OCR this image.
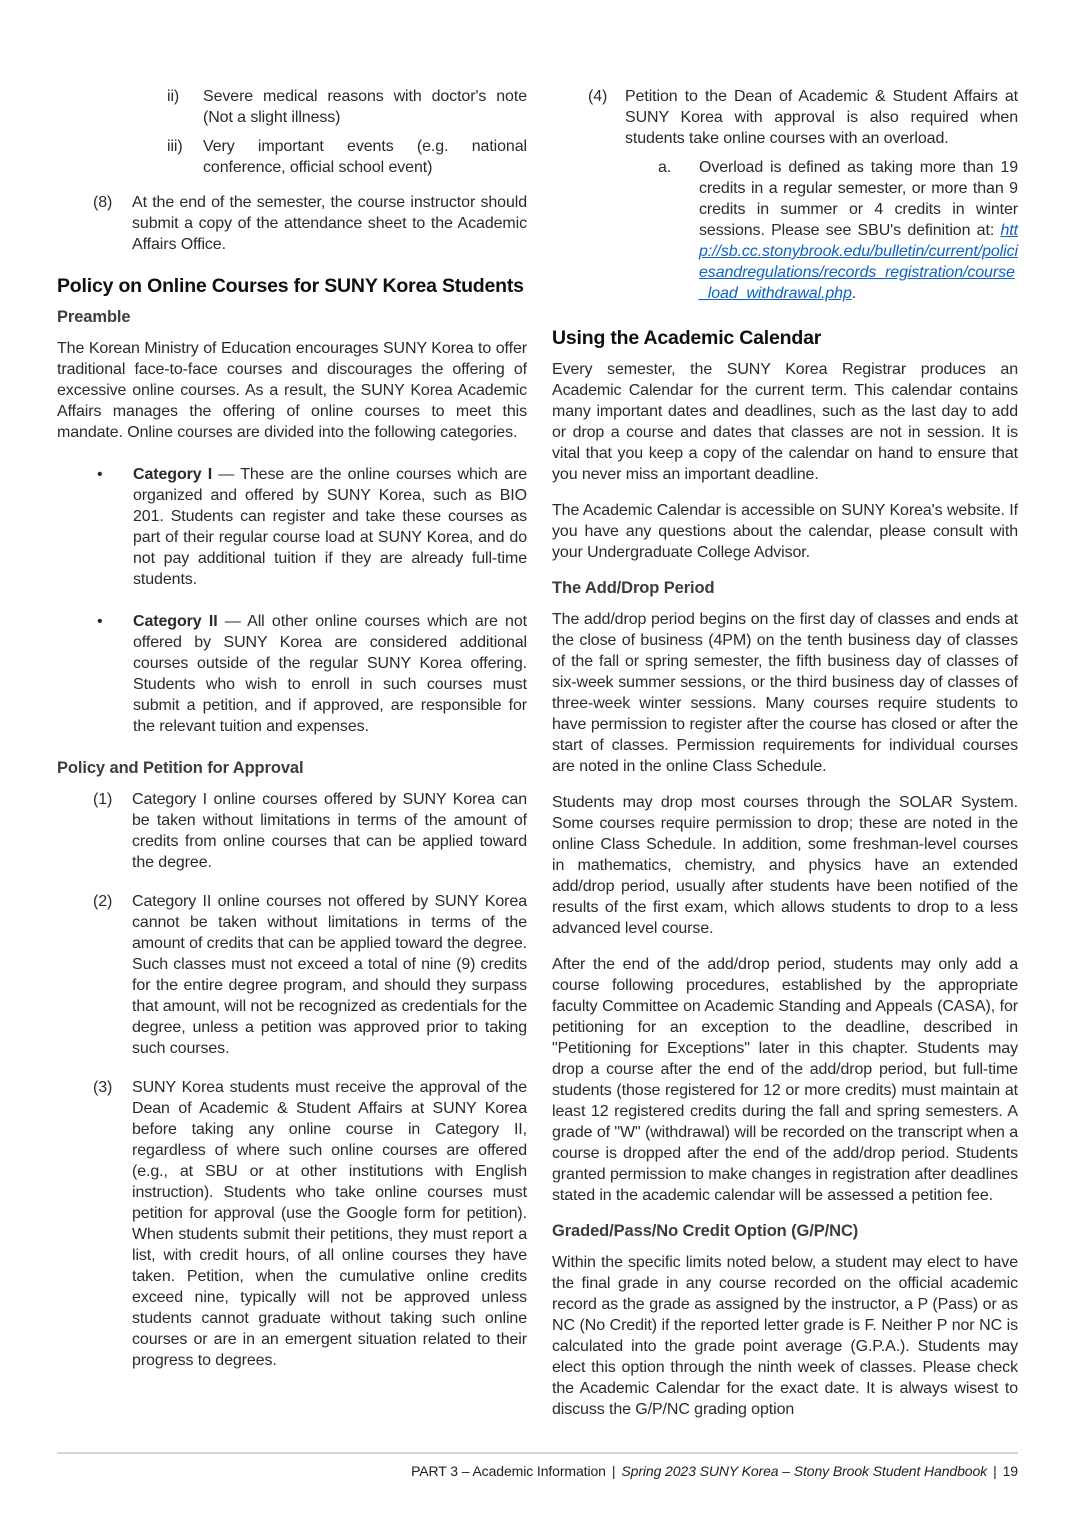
ii)	Severe medical reasons with doctor's note (Not a slight illness)
iii)	Very important events (e.g. national conference, official school event)
(8)	At the end of the semester, the course instructor should submit a copy of the attendance sheet to the Academic Affairs Office.
Policy on Online Courses for SUNY Korea Students
Preamble

The Korean Ministry of Education encourages SUNY Korea to offer traditional face-to-face courses and discourages the offering of excessive online courses. As a result, the SUNY Korea Academic Affairs manages the offering of online courses to meet this mandate. Online courses are divided into the following categories.

•	Category I — These are the online courses which are organized and offered by SUNY Korea, such as BIO 201. Students can register and take these courses as part of their regular course load at SUNY Korea, and do not pay additional tuition if they are already full-time students.
•	Category II — All other online courses which are not offered by SUNY Korea are considered additional courses outside of the regular SUNY Korea offering. Students who wish to enroll in such courses must submit a petition, and if approved, are responsible for the relevant tuition and expenses.
Policy and Petition for Approval
(1)	Category I online courses offered by SUNY Korea can be taken without limitations in terms of the amount of credits from online courses that can be applied toward the degree.
(2)	Category II online courses not offered by SUNY Korea cannot be taken without limitations in terms of the amount of credits that can be applied toward the degree. Such classes must not exceed a total of nine (9) credits for the entire degree program, and should they surpass that amount, will not be recognized as credentials for the degree, unless a petition was approved prior to taking such courses.
(3)	SUNY Korea students must receive the approval of the Dean of Academic & Student Affairs at SUNY Korea before taking any online course in Category II, regardless of where such online courses are offered (e.g., at SBU or at other institutions with English instruction). Students who take online courses must petition for approval (use the Google form for petition). When students submit their petitions, they must report a list, with credit hours, of all online courses they have taken. Petition, when the cumulative online credits exceed nine, typically will not be approved unless students cannot graduate without taking such online courses or are in an emergent situation related to their progress to degrees.
(4)	Petition to the Dean of Academic & Student Affairs at SUNY Korea with approval is also required when students take online courses with an overload.
a.	Overload is defined as taking more than 19 credits in a regular semester, or more than 9 credits in summer or 4 credits in winter sessions. Please see SBU's definition at: http://sb.cc.stonybrook.edu/bulletin/current/policiesandregulations/records_registration/course_load_withdrawal.php.
Using the Academic Calendar

Every semester, the SUNY Korea Registrar produces an Academic Calendar for the current term. This calendar contains many important dates and deadlines, such as the last day to add or drop a course and dates that classes are not in session. It is vital that you keep a copy of the calendar on hand to ensure that you never miss an important deadline.

The Academic Calendar is accessible on SUNY Korea's website. If you have any questions about the calendar, please consult with your Undergraduate College Advisor.

The Add/Drop Period

The add/drop period begins on the first day of classes and ends at the close of business (4PM) on the tenth business day of classes of the fall or spring semester, the fifth business day of classes of six-week summer sessions, or the third business day of classes of three-week winter sessions. Many courses require students to have permission to register after the course has closed or after the start of classes. Permission requirements for individual courses are noted in the online Class Schedule.

Students may drop most courses through the SOLAR System. Some courses require permission to drop; these are noted in the online Class Schedule. In addition, some freshman-level courses in mathematics, chemistry, and physics have an extended add/drop period, usually after students have been notified of the results of the first exam, which allows students to drop to a less advanced level course.

After the end of the add/drop period, students may only add a course following procedures, established by the appropriate faculty Committee on Academic Standing and Appeals (CASA), for petitioning for an exception to the deadline, described in "Petitioning for Exceptions" later in this chapter. Students may drop a course after the end of the add/drop period, but full-time students (those registered for 12 or more credits) must maintain at least 12 registered credits during the fall and spring semesters. A grade of "W" (withdrawal) will be recorded on the transcript when a course is dropped after the end of the add/drop period. Students granted permission to make changes in registration after deadlines stated in the academic calendar will be assessed a petition fee.

Graded/Pass/No Credit Option (G/P/NC)

Within the specific limits noted below, a student may elect to have the final grade in any course recorded on the official academic record as the grade as assigned by the instructor, a P (Pass) or as NC (No Credit) if the reported letter grade is F. Neither P nor NC is calculated into the grade point average (G.P.A.). Students may elect this option through the ninth week of classes. Please check the Academic Calendar for the exact date. It is always wisest to discuss the G/P/NC grading option

PART 3 – Academic Information | Spring 2023 SUNY Korea – Stony Brook Student Handbook | 19
